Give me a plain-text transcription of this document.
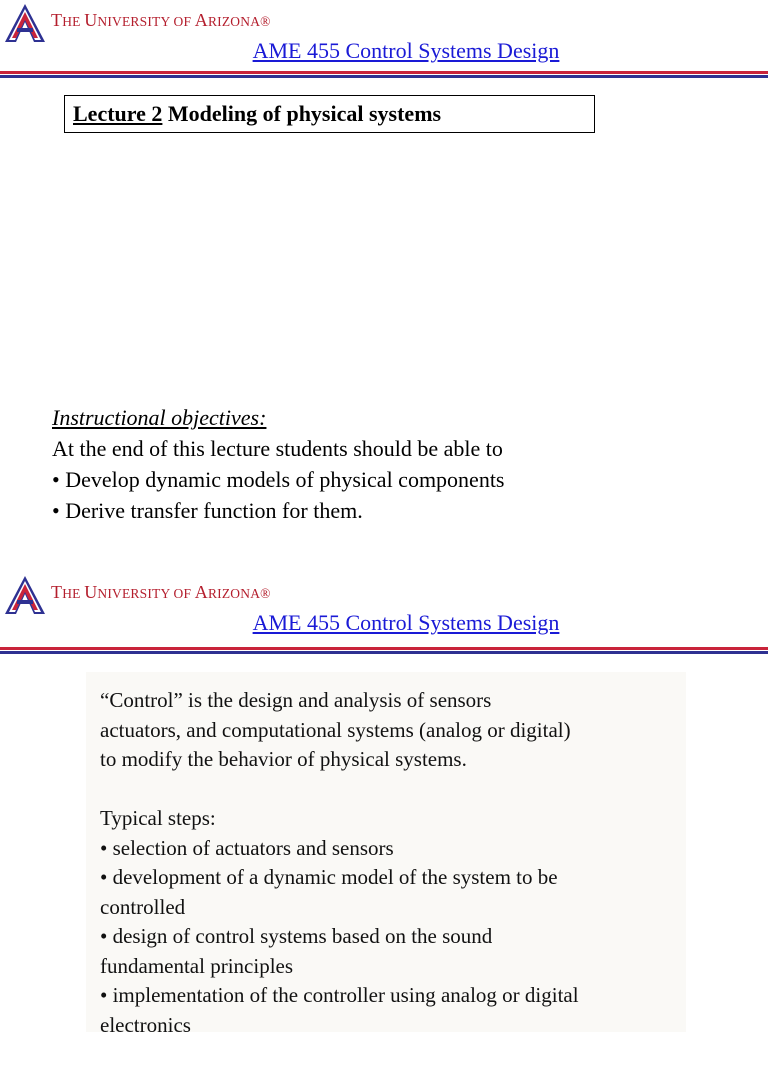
THE UNIVERSITY OF ARIZONA®
AME 455 Control Systems Design
Lecture 2 Modeling of physical systems
Instructional objectives:
At the end of this lecture students should be able to
• Develop dynamic models of physical components
• Derive transfer function for them.
THE UNIVERSITY OF ARIZONA®
AME 455 Control Systems Design
“Control” is the design and analysis of sensors
actuators, and computational systems (analog or digital)
to modify the behavior of physical systems.
Typical steps:
• selection of actuators and sensors
• development of a dynamic model of the system to be
controlled
• design of control systems based on the sound
fundamental principles
• implementation of the controller using analog or digital
electronics
